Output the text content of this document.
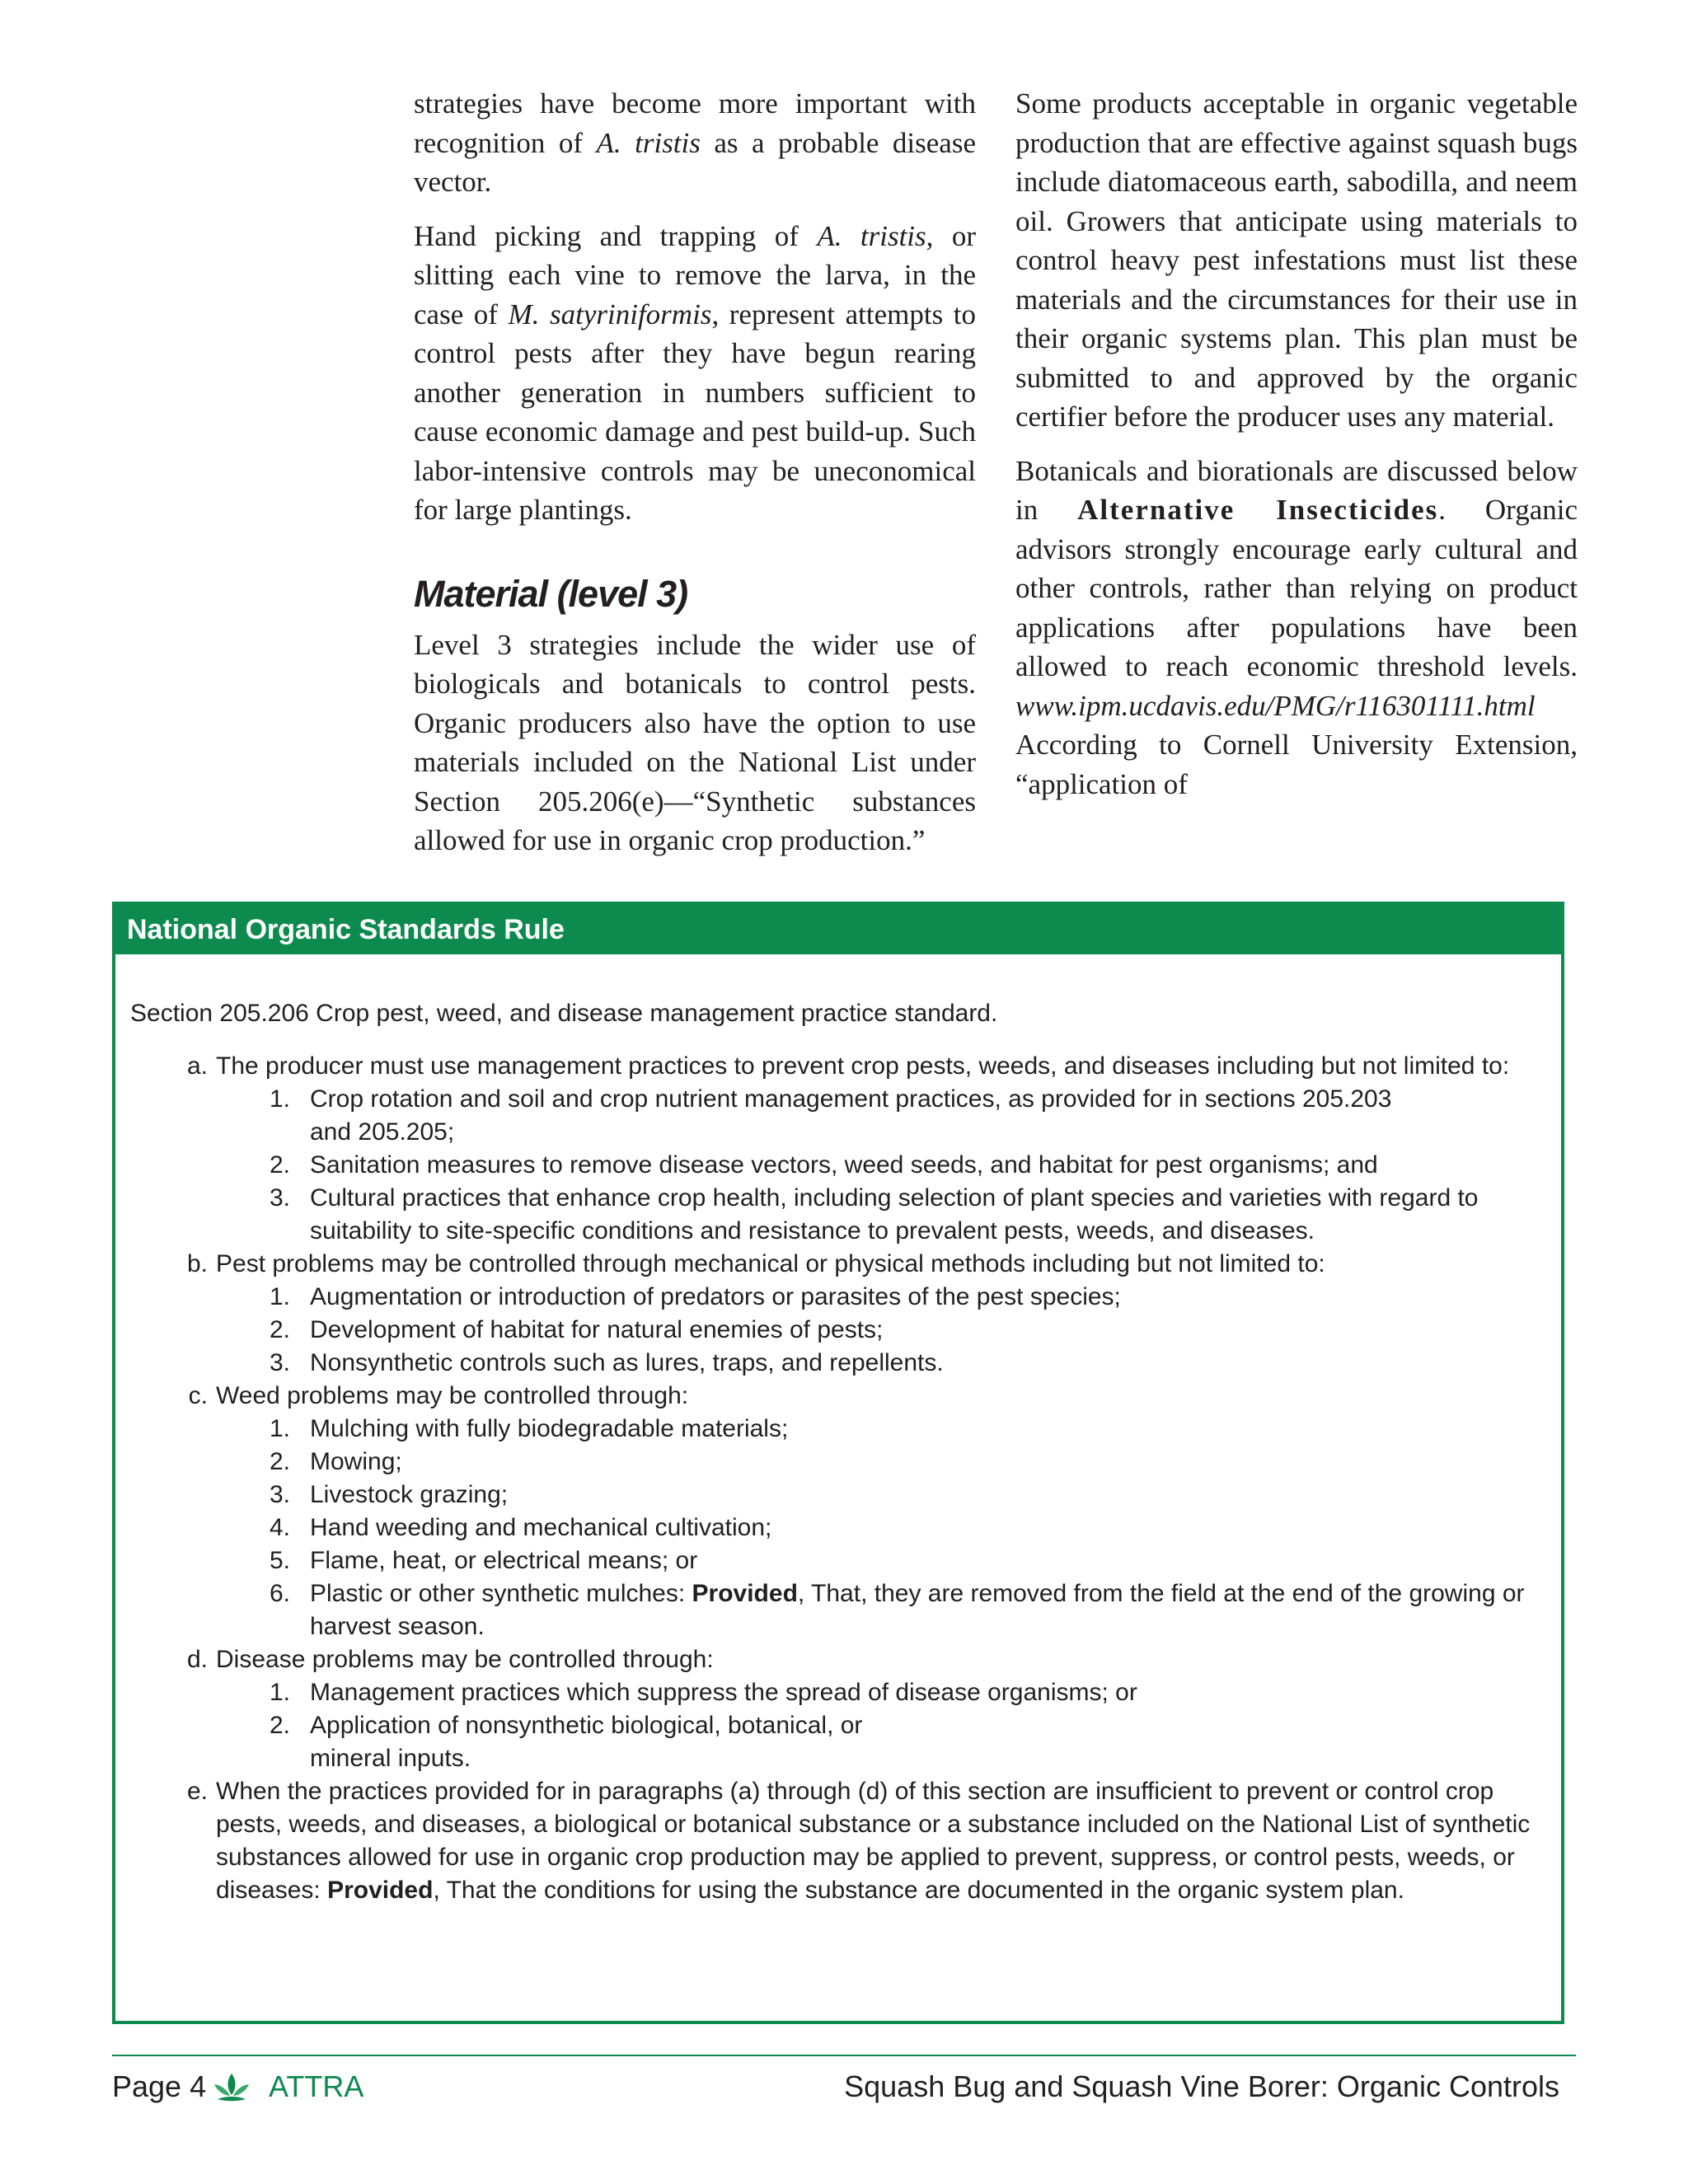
strategies have become more important with recognition of A. tristis as a probable disease vector.

Hand picking and trapping of A. tristis, or slitting each vine to remove the larva, in the case of M. satyriniformis, represent attempts to control pests after they have begun rearing another generation in numbers sufficient to cause economic damage and pest build-up. Such labor-intensive controls may be uneconomical for large plantings.

Material (level 3)

Level 3 strategies include the wider use of biologicals and botanicals to control pests. Organic producers also have the option to use materials included on the National List under Section 205.206(e)—“Synthetic substances allowed for use in organic crop production.”

Some products acceptable in organic vegetable production that are effective against squash bugs include diatomaceous earth, sabodilla, and neem oil. Growers that anticipate using materials to control heavy pest infestations must list these materials and the circumstances for their use in their organic systems plan. This plan must be submitted to and approved by the organic certifier before the producer uses any material.

Botanicals and biorationals are discussed below in Alternative Insecticides. Organic advisors strongly encourage early cultural and other controls, rather than relying on product applications after populations have been allowed to reach economic threshold levels. www.ipm.ucdavis.edu/PMG/r116301111.html According to Cornell University Extension, “application of

National Organic Standards Rule
Section 205.206 Crop pest, weed, and disease management practice standard.
a. The producer must use management practices to prevent crop pests, weeds, and diseases including but not limited to:
1. Crop rotation and soil and crop nutrient management practices, as provided for in sections 205.203 and 205.205;
2. Sanitation measures to remove disease vectors, weed seeds, and habitat for pest organisms; and
3. Cultural practices that enhance crop health, including selection of plant species and varieties with regard to suitability to site-specific conditions and resistance to prevalent pests, weeds, and diseases.
b. Pest problems may be controlled through mechanical or physical methods including but not limited to:
1. Augmentation or introduction of predators or parasites of the pest species;
2. Development of habitat for natural enemies of pests;
3. Nonsynthetic controls such as lures, traps, and repellents.
c. Weed problems may be controlled through:
1. Mulching with fully biodegradable materials;
2. Mowing;
3. Livestock grazing;
4. Hand weeding and mechanical cultivation;
5. Flame, heat, or electrical means; or
6. Plastic or other synthetic mulches: Provided, That, they are removed from the field at the end of the growing or harvest season.
d. Disease problems may be controlled through:
1. Management practices which suppress the spread of disease organisms; or
2. Application of nonsynthetic biological, botanical, or mineral inputs.
e. When the practices provided for in paragraphs (a) through (d) of this section are insufficient to prevent or control crop pests, weeds, and diseases, a biological or botanical substance or a substance included on the National List of synthetic substances allowed for use in organic crop production may be applied to prevent, suppress, or control pests, weeds, or diseases: Provided, That the conditions for using the substance are documented in the organic system plan.
Page 4 ATTRA	Squash Bug and Squash Vine Borer: Organic Controls
